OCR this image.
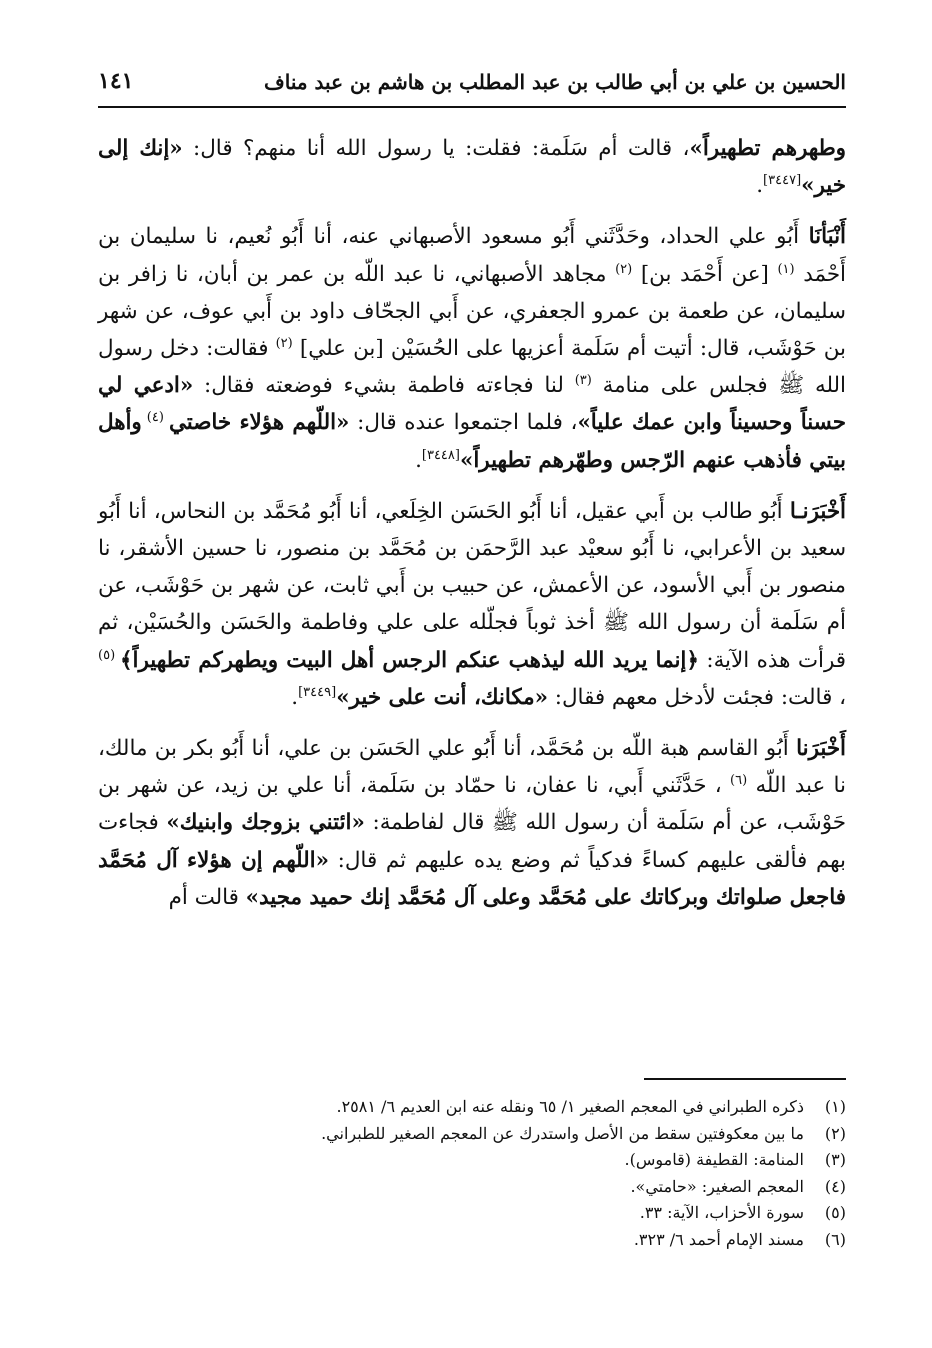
الحسين بن علي بن أبي طالب بن عبد المطلب بن هاشم بن عبد مناف
١٤١

وطهرهم تطهيراً»، قالت أم سَلَمة: فقلت: يا رسول الله أنا منهم؟ قال: «إنك إلى خير»[٣٤٤٧].

أَنْبَأنَا أَبُو علي الحداد، وحَدَّثَني أَبُو مسعود الأصبهاني عنه، أنا أَبُو نُعيم، نا سليمان بن أَحْمَد $^{(١)}$ [عن أَحْمَد بن] $^{(٢)}$ مجاهد الأصبهاني، نا عبد اللّه بن عمر بن أبان، نا زافر بن سليمان، عن طعمة بن عمرو الجعفري، عن أَبي الجحّاف داود بن أَبي عوف، عن شهر بن حَوْشَب، قال: أتيت أم سَلَمة أعزيها على الحُسَيْن [بن علي] $^{(٢)}$ فقالت: دخل رسول الله ﷺ فجلس على منامة $^{(٣)}$ لنا فجاءته فاطمة بشيء فوضعته فقال: «ادعي لي حسناً وحسيناً وابن عمك علياً»، فلما اجتمعوا عنده قال: «اللّهم هؤلاء خاصتي $^{(٤)}$ وأهل بيتي فأذهب عنهم الرّجس وطهّرهم تطهيراً»[٣٤٤٨].

أَخْبَرَنـا أَبُو طالب بن أَبي عقيل، أنا أَبُو الحَسَن الخِلَعي، أنا أَبُو مُحَمَّد بن النحاس، أنا أَبُو سعيد بن الأعرابي، نا أَبُو سعيْد عبد الرَّحمَن بن مُحَمَّد بن منصور، نا حسين الأشقر، نا منصور بن أَبي الأسود، عن الأعمش، عن حبيب بن أَبي ثابت، عن شهر بن حَوْشَب، عن أم سَلَمة أن رسول الله ﷺ أخذ ثوباً فجلّله على علي وفاطمة والحَسَن والحُسَيْن، ثم قرأت هذه الآية: ﴿إنما يريد الله ليذهب عنكم الرجس أهل البيت ويطهركم تطهيراً﴾ $^{(٥)}$ ، قالت: فجئت لأدخل معهم فقال: «مكانك، أنت على خير»[٣٤٤٩].

أَخْبَرَنا أَبُو القاسم هبة اللّه بن مُحَمَّد، أنا أَبُو علي الحَسَن بن علي، أنا أَبُو بكر بن مالك، نا عبد اللّه $^{(٦)}$ ، حَدَّثَني أَبي، نا عفان، نا حمّاد بن سَلَمة، أنا علي بن زيد، عن شهر بن حَوْشَب، عن أم سَلَمة أن رسول الله ﷺ قال لفاطمة: «ائتني بزوجك وابنيك» فجاءت بهم فألقى عليهم كساءً فدكياً ثم وضع يده عليهم ثم قال: «اللّهم إن هؤلاء آل مُحَمَّد فاجعل صلواتك وبركاتك على مُحَمَّد وعلى آل مُحَمَّد إنك حميد مجيد» قالت أم

(١)
ذكره الطبراني في المعجم الصغير ١/ ٦٥ ونقله عنه ابن العديم ٦/ ٢٥٨١.
(٢)
ما بين معكوفتين سقط من الأصل واستدرك عن المعجم الصغير للطبراني.
(٣)
المنامة: القطيفة (قاموس).
(٤)
المعجم الصغير: «حامتي».
(٥)
سورة الأحزاب، الآية: ٣٣.
(٦)
مسند الإمام أحمد ٦/ ٣٢٣.
